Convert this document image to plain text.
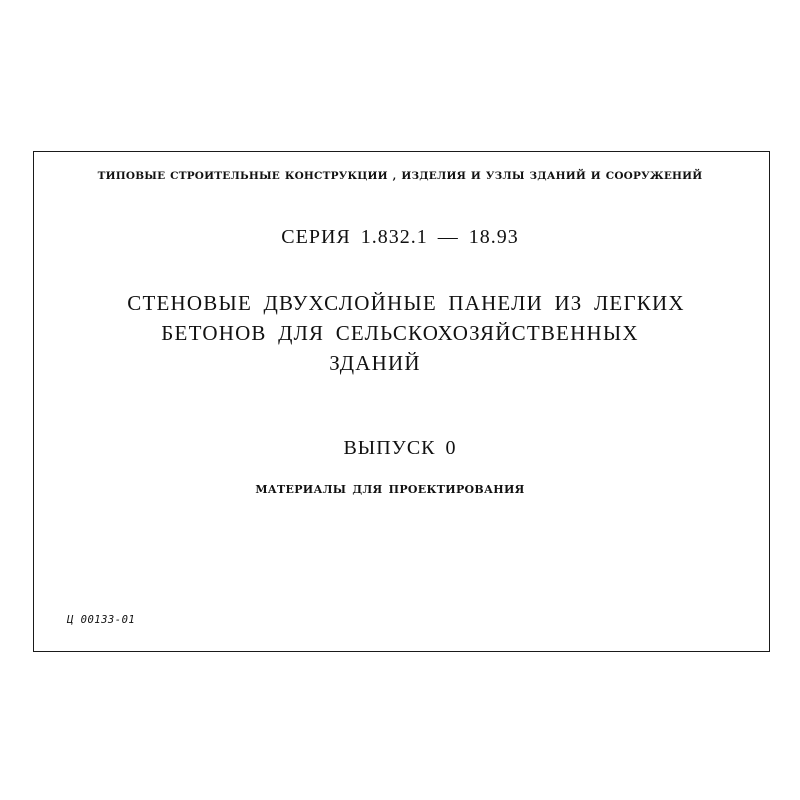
ТИПОВЫЕ СТРОИТЕЛЬНЫЕ КОНСТРУКЦИИ , ИЗДЕЛИЯ И УЗЛЫ ЗДАНИЙ И СООРУЖЕНИЙ
СЕРИЯ 1.832.1 — 18.93
СТЕНОВЫЕ ДВУХСЛОЙНЫЕ ПАНЕЛИ ИЗ ЛЕГКИХ
БЕТОНОВ ДЛЯ СЕЛЬСКОХОЗЯЙСТВЕННЫХ
ЗДАНИЙ
ВЫПУСК 0
МАТЕРИАЛЫ ДЛЯ ПРОЕКТИРОВАНИЯ
Ц 00133-01
